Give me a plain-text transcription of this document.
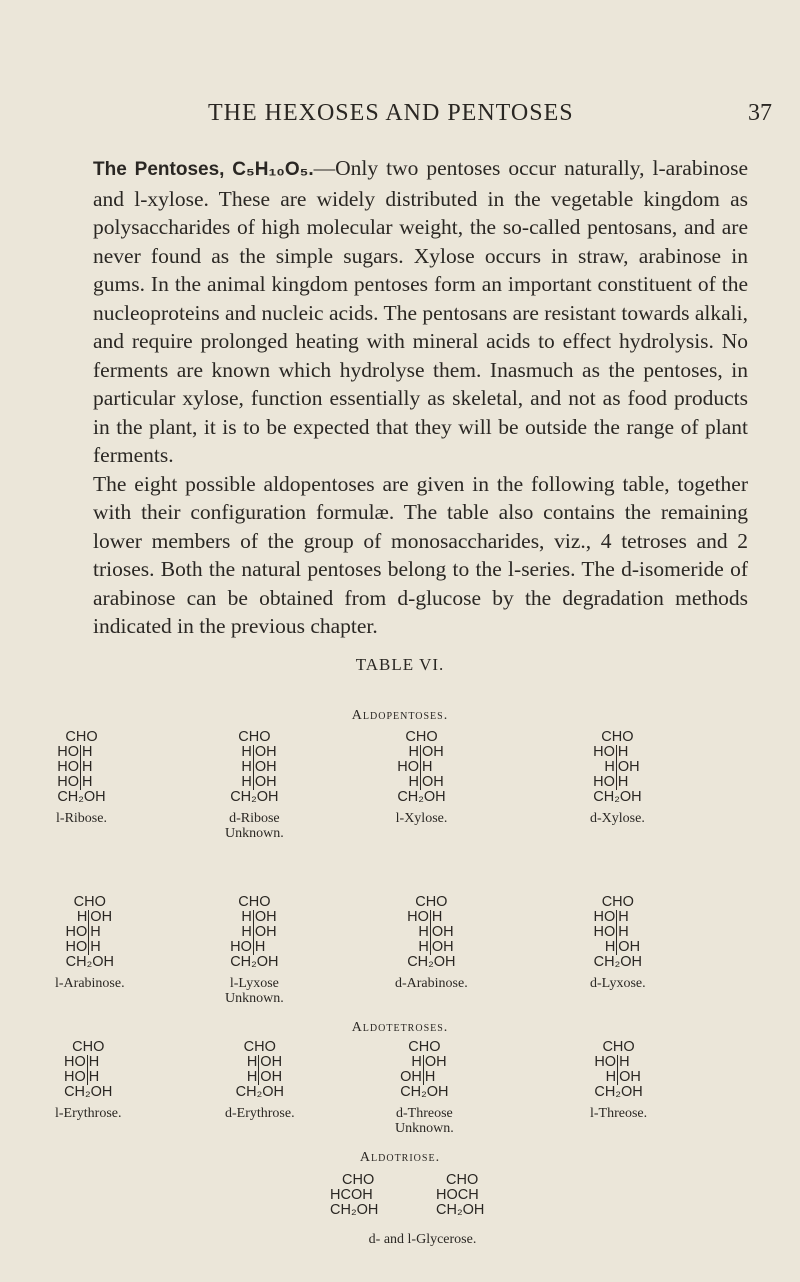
THE HEXOSES AND PENTOSES	37

The Pentoses, C₅H₁₀O₅.—Only two pentoses occur naturally, l-arabinose and l-xylose. These are widely distributed in the vegetable kingdom as polysaccharides of high molecular weight, the so-called pentosans, and are never found as the simple sugars. Xylose occurs in straw, arabinose in gums. In the animal kingdom pentoses form an important constituent of the nucleoproteins and nucleic acids. The pentosans are resistant towards alkali, and require prolonged heating with mineral acids to effect hydrolysis. No ferments are known which hydrolyse them. Inasmuch as the pentoses, in particular xylose, function essentially as skeletal, and not as food products in the plant, it is to be expected that they will be outside the range of plant ferments.

The eight possible aldopentoses are given in the following table, together with their configuration formulæ. The table also contains the remaining lower members of the group of monosaccharides, viz., 4 tetroses and 2 trioses. Both the natural pentoses belong to the l-series. The d-isomeride of arabinose can be obtained from d-glucose by the degradation methods indicated in the previous chapter.

TABLE VI.
Aldopentoses.
Aldotetroses.
Aldotriose.
CHO
HO H
HO H
HO H
CH₂OH
l-Ribose.
CHO
H OH
H OH
H OH
CH₂OH
d-Ribose
Unknown.
CHO
H OH
HO H
H OH
CH₂OH
l-Xylose.
CHO
HO H
H OH
HO H
CH₂OH
d-Xylose.
CHO
H OH
HO H
HO H
CH₂OH
l-Arabinose.
CHO
H OH
H OH
HO H
CH₂OH
l-Lyxose
Unknown.
CHO
HO H
H OH
H OH
CH₂OH
d-Arabinose.
CHO
HO H
HO H
H OH
CH₂OH
d-Lyxose.
CHO
HO H
HO H
CH₂OH
l-Erythrose.
CHO
H OH
H OH
CH₂OH
d-Erythrose.
CHO
H OH
OH H
CH₂OH
d-Threose
Unknown.
CHO
HO H
H OH
CH₂OH
l-Threose.
CHO
HCOH
CH₂OH
CHO
HOCH
CH₂OH
d- and l-Glycerose.
